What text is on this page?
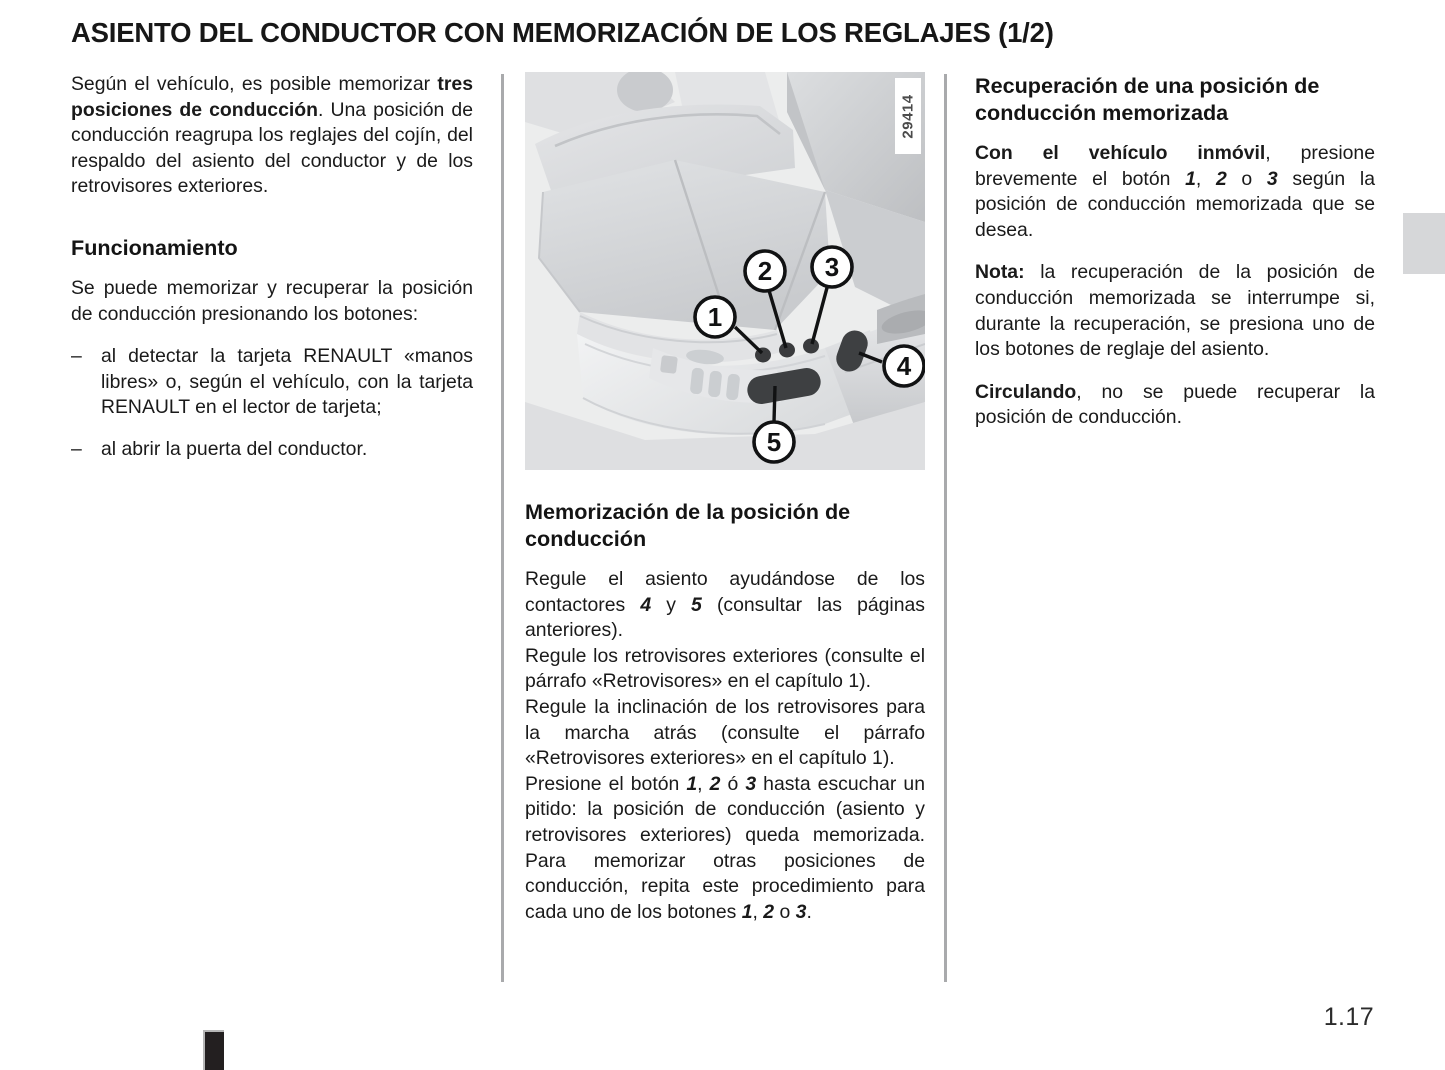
ASIENTO DEL CONDUCTOR CON MEMORIZACIÓN DE LOS REGLAJES (1/2)

Según el vehículo, es posible memorizar tres posiciones de conducción. Una posición de conducción reagrupa los reglajes del cojín, del respaldo del asiento del conductor y de los retrovisores exteriores.

Funcionamiento

Se puede memorizar y recuperar la posición de conducción presionando los botones:

– al detectar la tarjeta RENAULT «manos libres» o, según el vehículo, con la tarjeta RENAULT en el lector de tarjeta;
– al abrir la puerta del conductor.
1
2 3
4
5
29414
Memorización de la posición de conducción

Regule el asiento ayudándose de los contactores 4 y 5 (consultar las páginas anteriores).

Regule los retrovisores exteriores (consulte el párrafo «Retrovisores» en el capítulo 1).

Regule la inclinación de los retrovisores para la marcha atrás (consulte el párrafo «Retrovisores exteriores» en el capítulo 1).

Presione el botón 1, 2 ó 3 hasta escuchar un pitido: la posición de conducción (asiento y retrovisores exteriores) queda memorizada. Para memorizar otras posiciones de conducción, repita este procedimiento para cada uno de los botones 1, 2 o 3.

Recuperación de una posición de conducción memorizada

Con el vehículo inmóvil, presione brevemente el botón 1, 2 o 3 según la posición de conducción memorizada que se desea.

Nota: la recuperación de la posición de conducción memorizada se interrumpe si, durante la recuperación, se presiona uno de los botones de reglaje del asiento.

Circulando, no se puede recuperar la posición de conducción.

1.17
